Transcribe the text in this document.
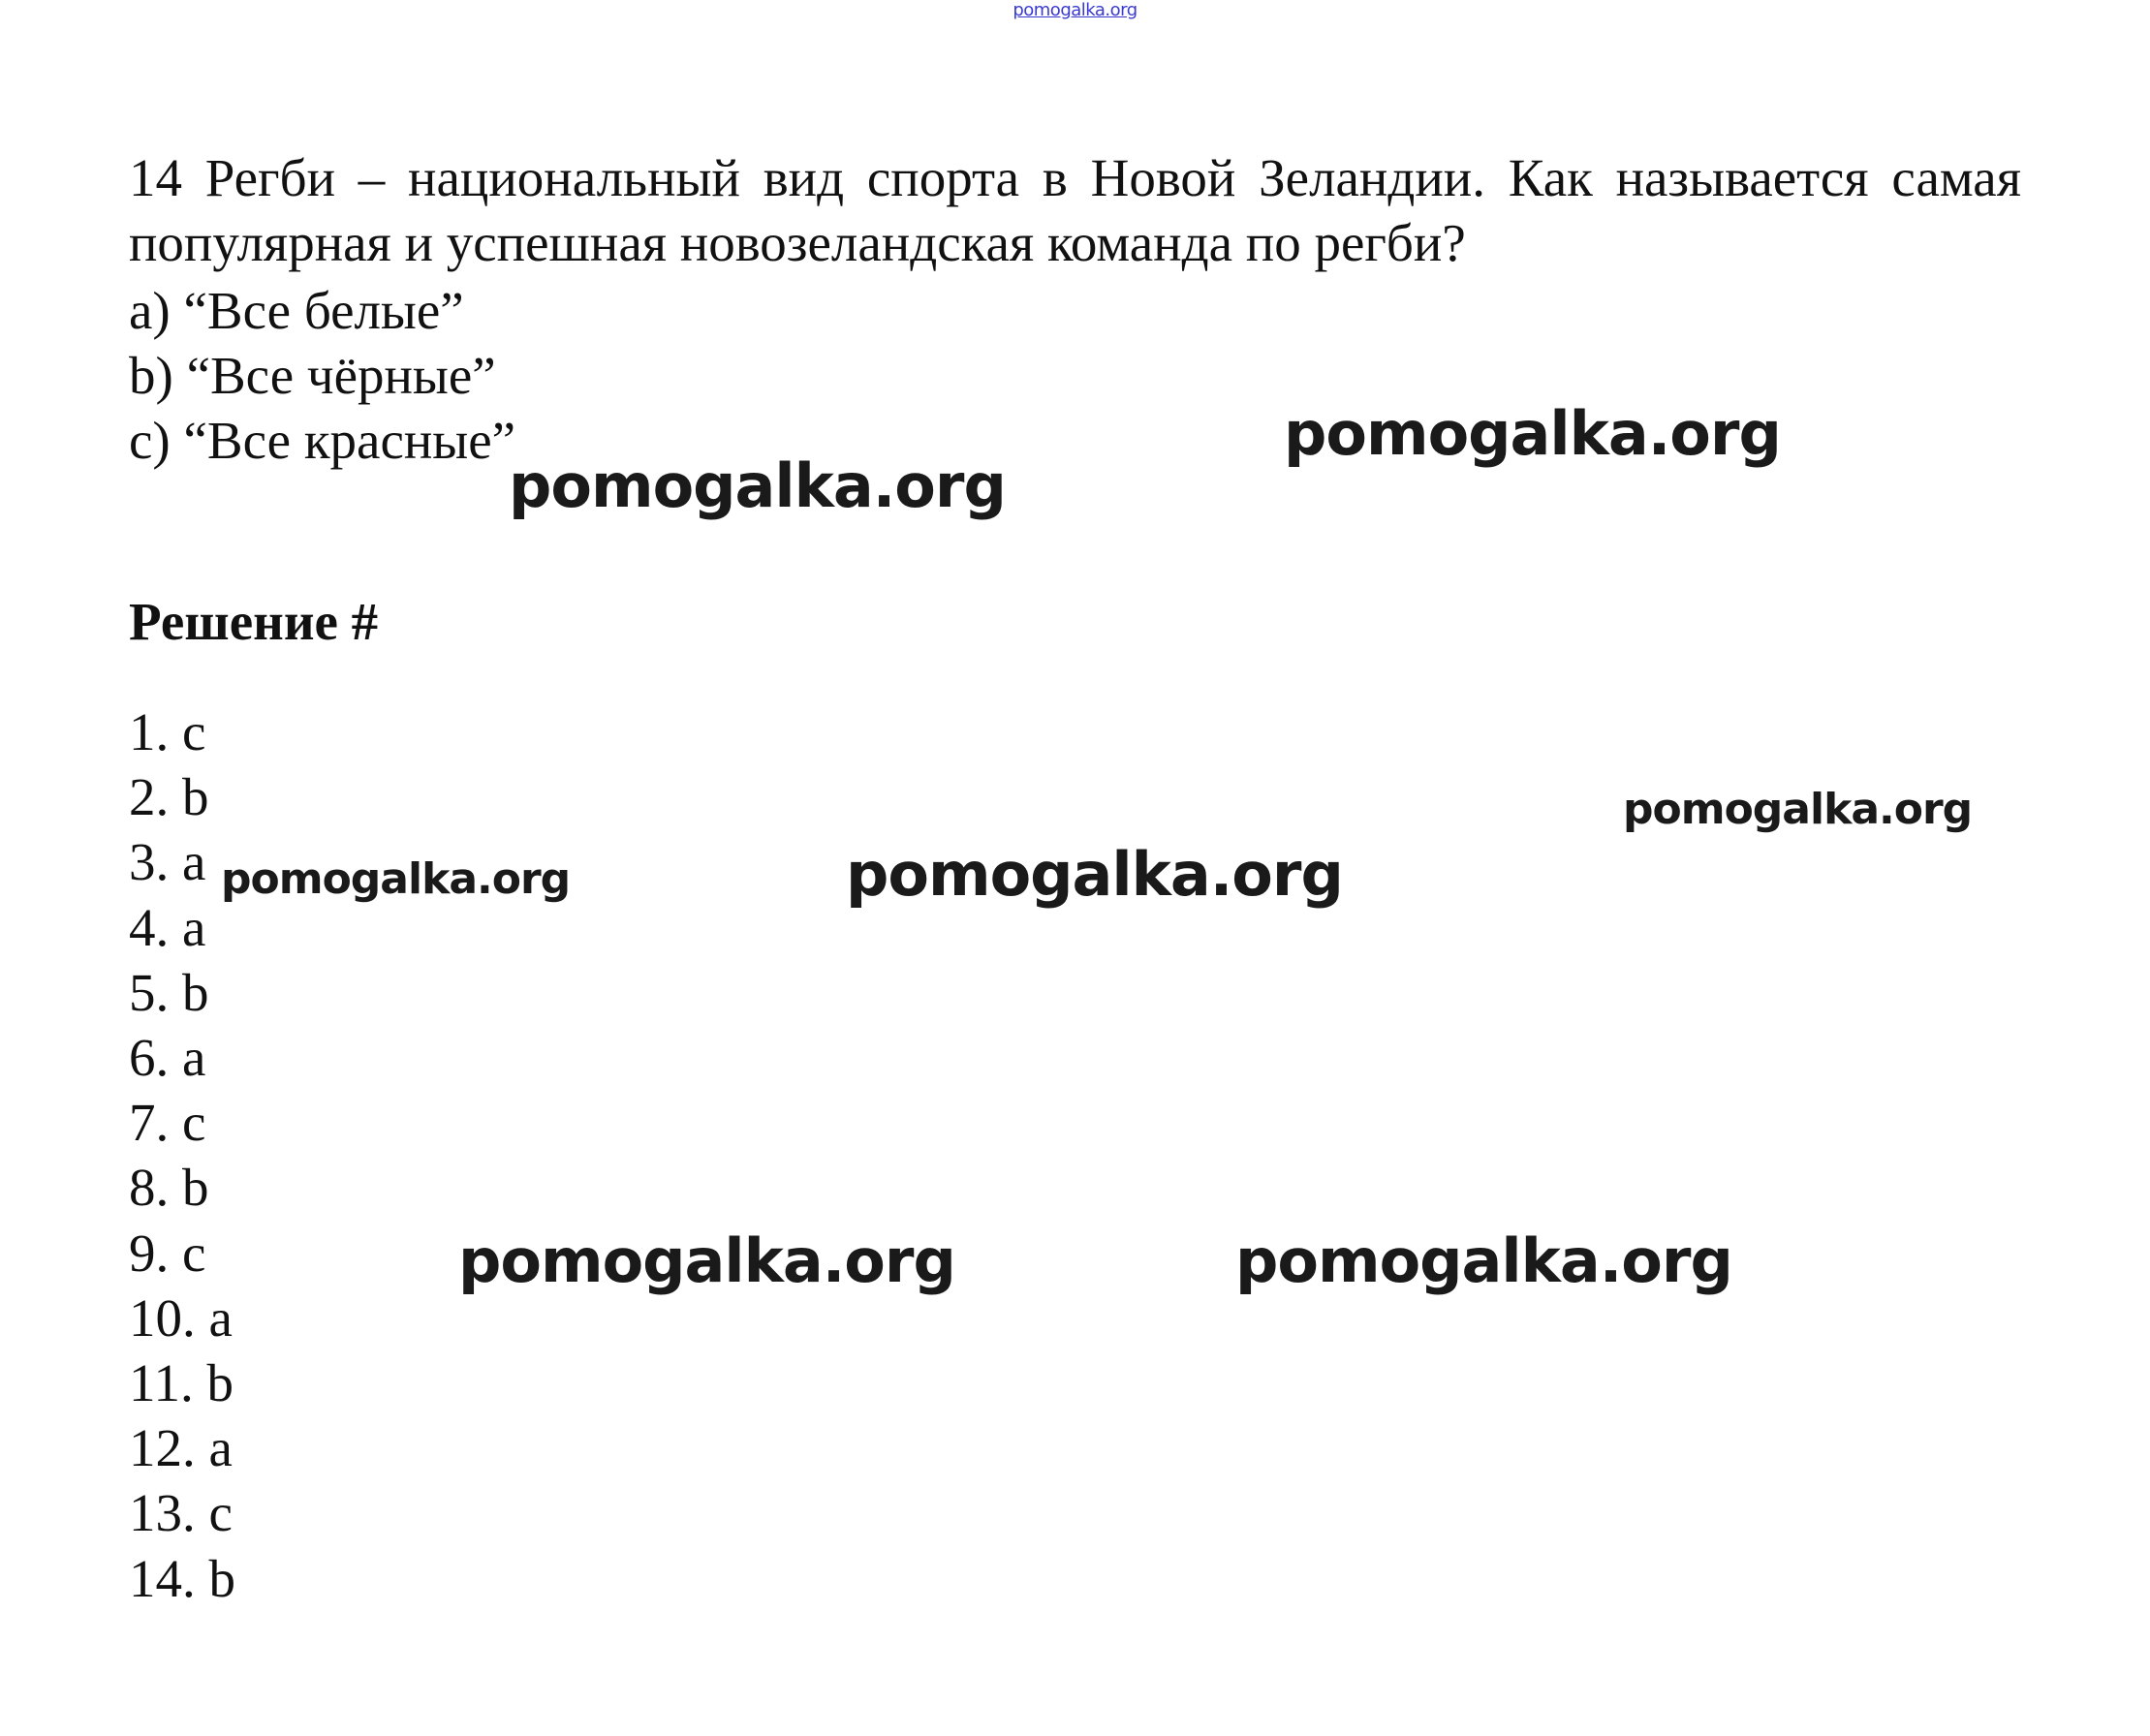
pomogalka.org
14 Регби – национальный вид спорта в Новой Зеландии. Как называется самая популярная и успешная новозеландская команда по регби?
a) “Все белые”
b) “Все чёрные”
c) “Все красные”
Решение #
1. c
2. b
3. a
4. a
5. b
6. a
7. c
8. b
9. c
10. a
11. b
12. a
13. c
14. b
pomogalka.org
pomogalka.org
pomogalka.org
pomogalka.org	pomogalka.org
pomogalka.org	pomogalka.org
